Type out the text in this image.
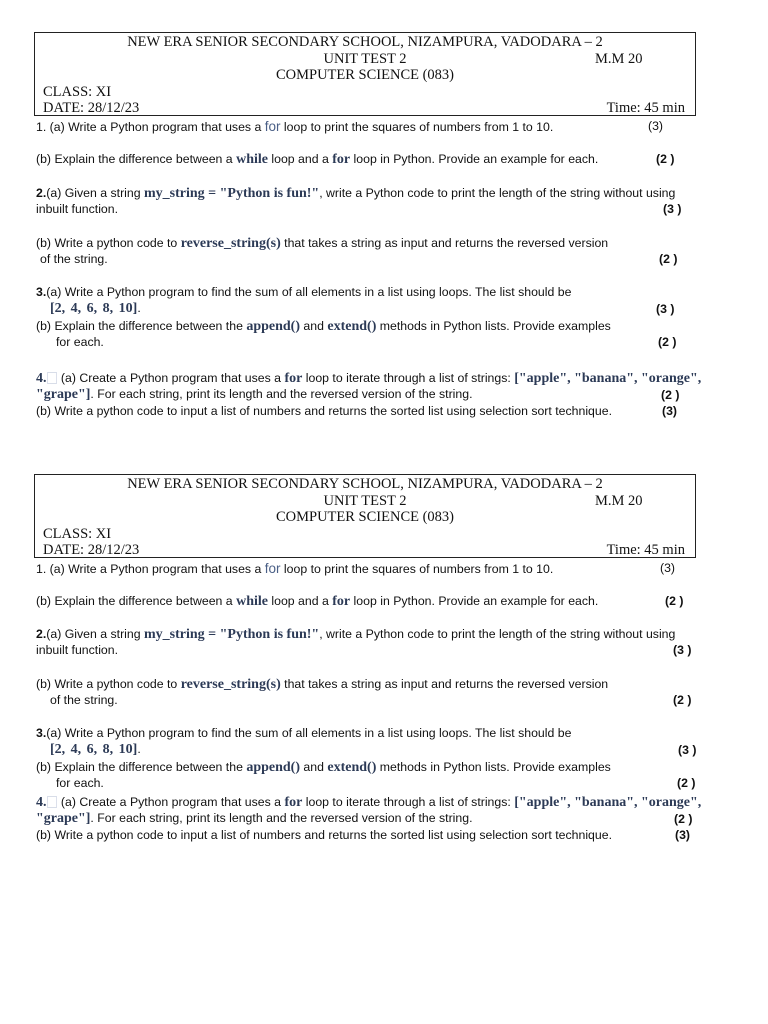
NEW ERA SENIOR SECONDARY SCHOOL, NIZAMPURA, VADODARA – 2
UNIT TEST 2	M.M 20
COMPUTER SCIENCE (083)
CLASS: XI
DATE: 28/12/23	Time: 45 min
1. (a) Write a Python program that uses a for loop to print the squares of numbers from 1 to 10.	(3)
(b) Explain the difference between a while loop and a for loop in Python. Provide an example for each.	(2 )
2.(a) Given a string my_string = "Python is fun!", write a Python code to print the length of the string without using
inbuilt function.	(3 )
(b) Write a python code to reverse_string(s) that takes a string as input and returns the reversed version
of the string.	(2 )
3.(a) Write a Python program to find the sum of all elements in a list using loops. The list should be
[2, 4, 6, 8, 10].	(3 )
(b) Explain the difference between the append() and extend() methods in Python lists. Provide examples
for each.	(2 )
4.⃞ (a) Create a Python program that uses a for loop to iterate through a list of strings: ["apple", "banana", "orange",
"grape"]. For each string, print its length and the reversed version of the string.	(2 )
(b) Write a python code to input a list of numbers and returns the sorted list using selection sort technique.	(3)
NEW ERA SENIOR SECONDARY SCHOOL, NIZAMPURA, VADODARA – 2
UNIT TEST 2	M.M 20
COMPUTER SCIENCE (083)
CLASS: XI
DATE: 28/12/23	Time: 45 min
1. (a) Write a Python program that uses a for loop to print the squares of numbers from 1 to 10.	(3)
(b) Explain the difference between a while loop and a for loop in Python. Provide an example for each.	(2 )
2.(a) Given a string my_string = "Python is fun!", write a Python code to print the length of the string without using
inbuilt function.	(3 )
(b) Write a python code to reverse_string(s) that takes a string as input and returns the reversed version
of the string.	(2 )
3.(a) Write a Python program to find the sum of all elements in a list using loops. The list should be
[2, 4, 6, 8, 10].	(3 )
(b) Explain the difference between the append() and extend() methods in Python lists. Provide examples
for each.	(2 )
4.⃞ (a) Create a Python program that uses a for loop to iterate through a list of strings: ["apple", "banana", "orange",
"grape"]. For each string, print its length and the reversed version of the string.	(2 )
(b) Write a python code to input a list of numbers and returns the sorted list using selection sort technique.	(3)
